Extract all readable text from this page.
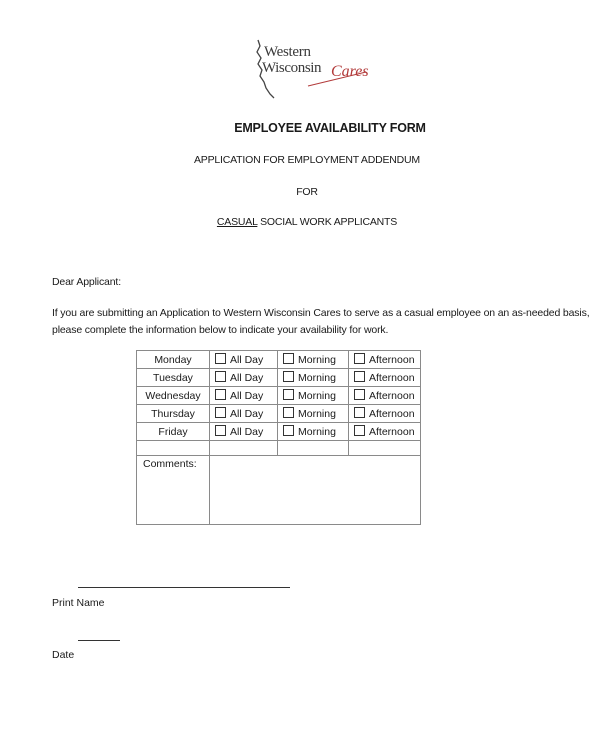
Western
Wisconsin Cares
EMPLOYEE AVAILABILITY FORM
APPLICATION FOR EMPLOYMENT ADDENDUM
FOR
CASUAL SOCIAL WORK APPLICANTS
Dear Applicant:
If you are submitting an Application to Western Wisconsin Cares to serve as a casual employee on an as-needed basis,
please complete the information below to indicate your availability for work.
Monday	All Day	Morning	Afternoon
Tuesday	All Day	Morning	Afternoon
Wednesday	All Day	Morning	Afternoon
Thursday	All Day	Morning	Afternoon
Friday	All Day	Morning	Afternoon

Comments:			
Print Name
Date
